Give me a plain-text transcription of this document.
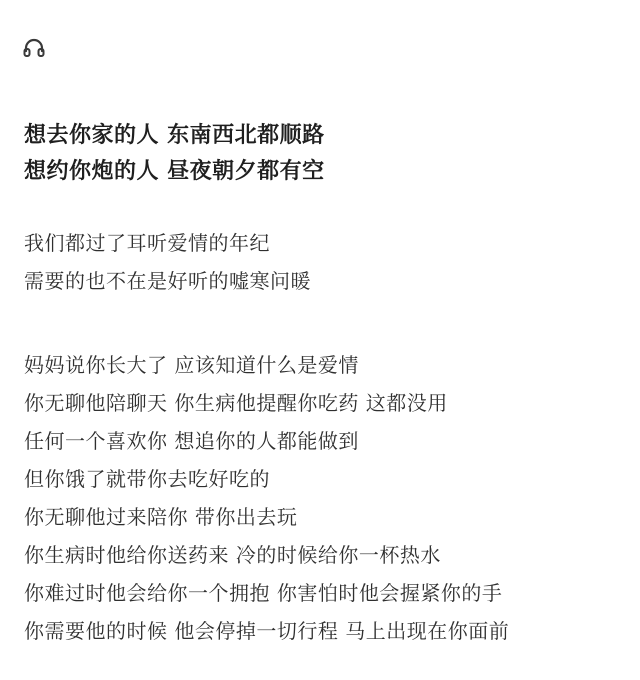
想去你家的人 东南西北都顺路
想约你炮的人 昼夜朝夕都有空
我们都过了耳听爱情的年纪
需要的也不在是好听的嘘寒问暖
妈妈说你长大了 应该知道什么是爱情
你无聊他陪聊天 你生病他提醒你吃药 这都没用
任何一个喜欢你 想追你的人都能做到
但你饿了就带你去吃好吃的
你无聊他过来陪你 带你出去玩
你生病时他给你送药来 冷的时候给你一杯热水
你难过时他会给你一个拥抱 你害怕时他会握紧你的手
你需要他的时候 他会停掉一切行程 马上出现在你面前
